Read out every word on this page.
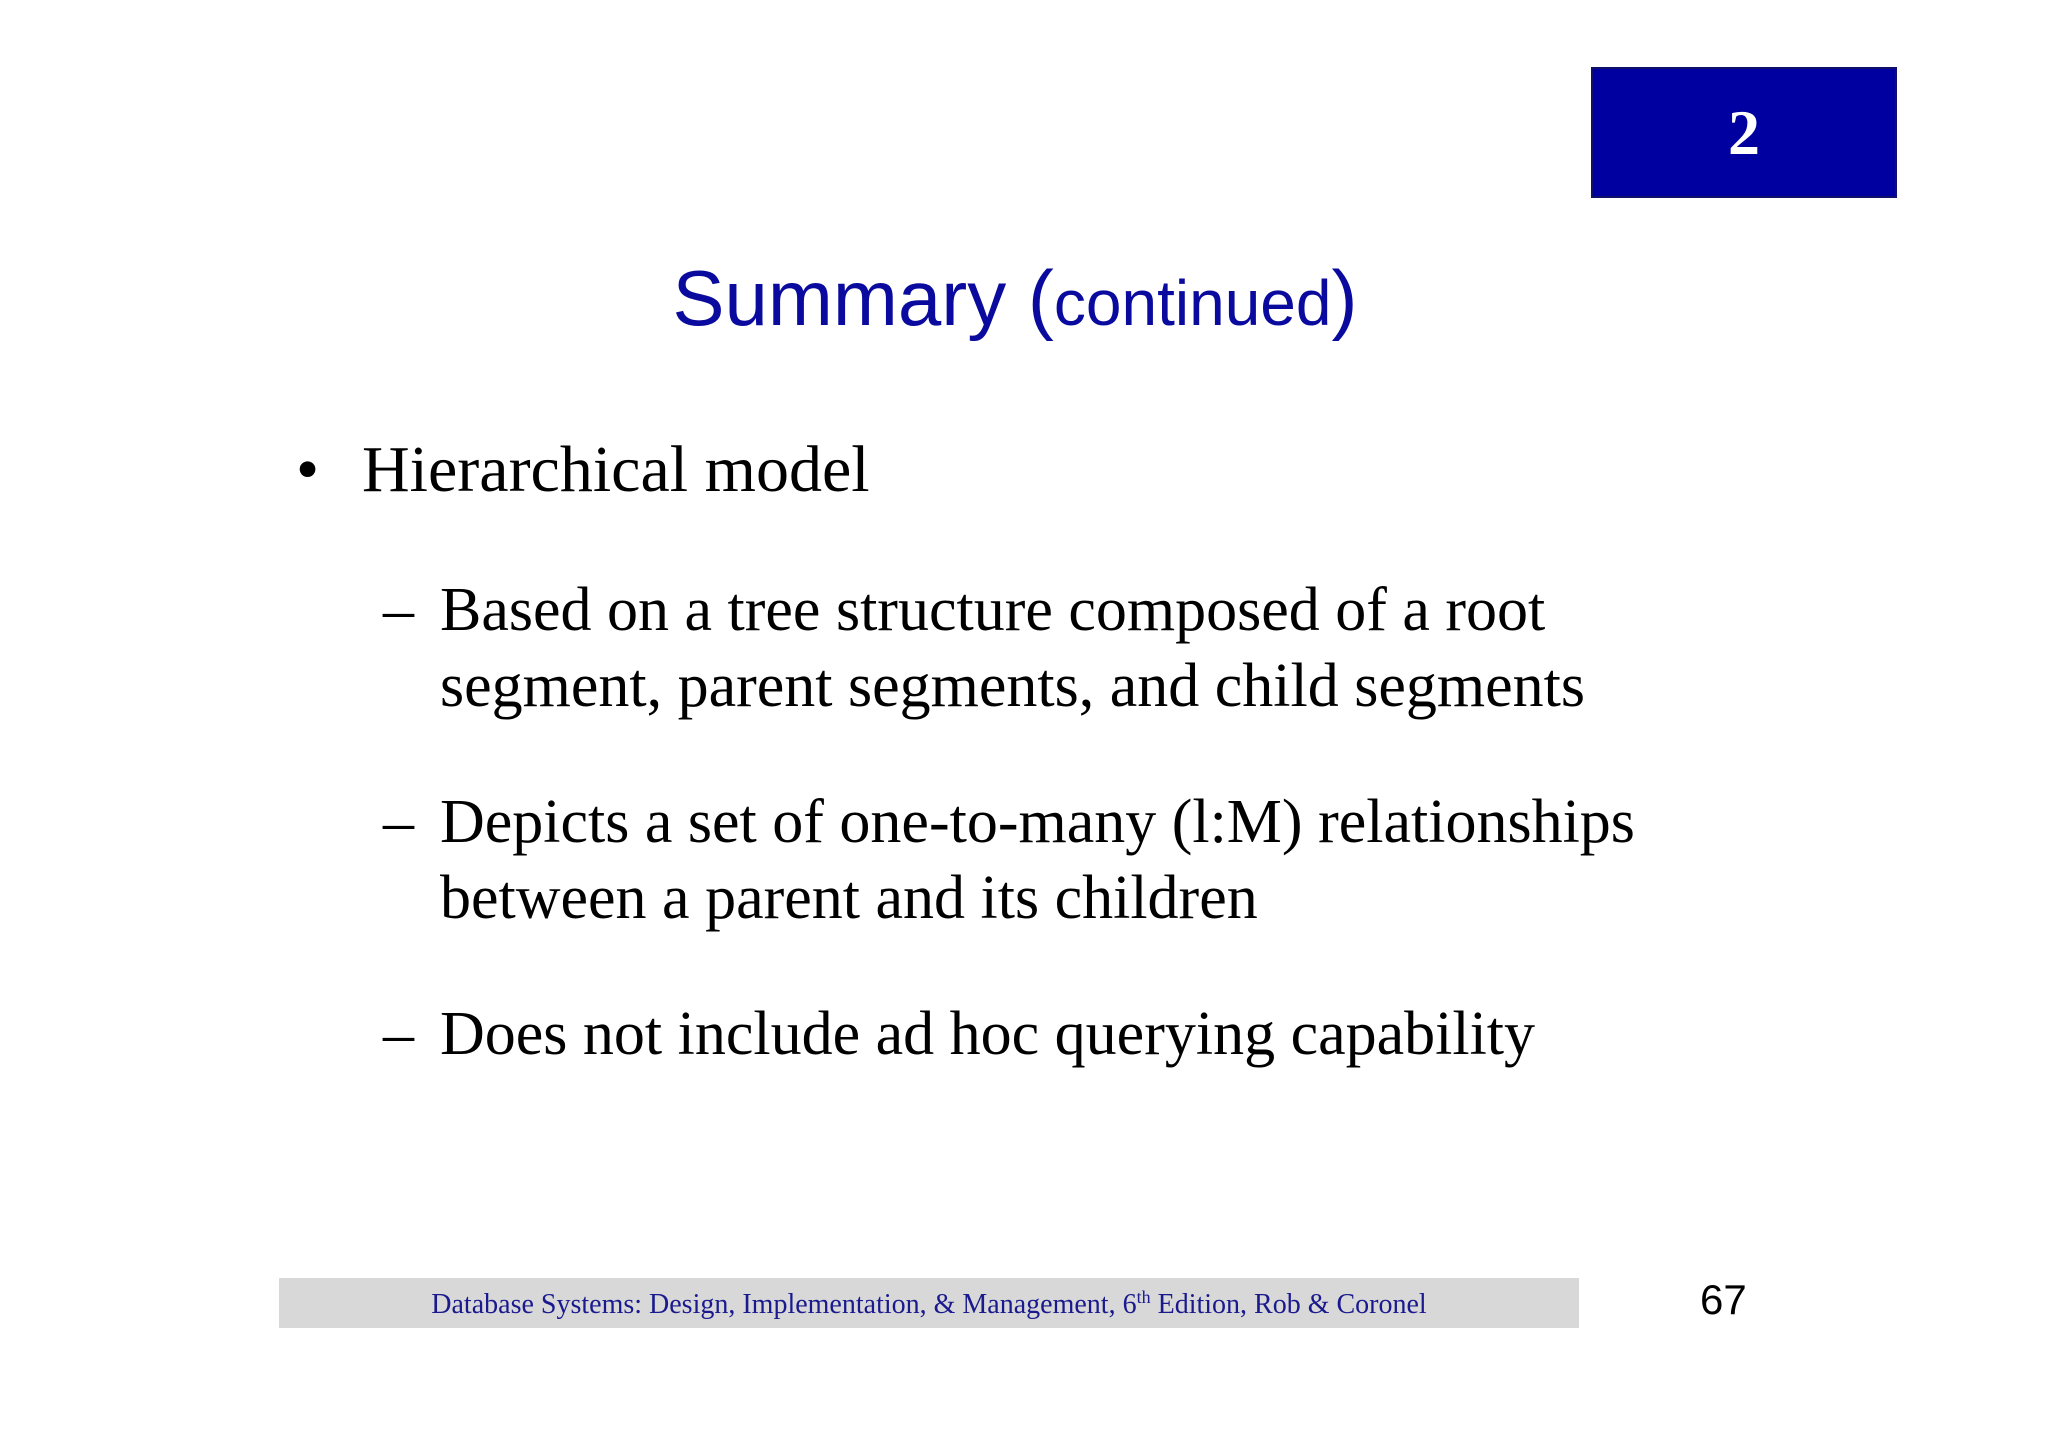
2
Summary (continued)
• Hierarchical model
– Based on a tree structure composed of a root
segment, parent segments, and child segments
– Depicts a set of one-to-many (l:M) relationships
between a parent and its children
– Does not include ad hoc querying capability
Database Systems: Design, Implementation, & Management, 6th Edition, Rob & Coronel	67
